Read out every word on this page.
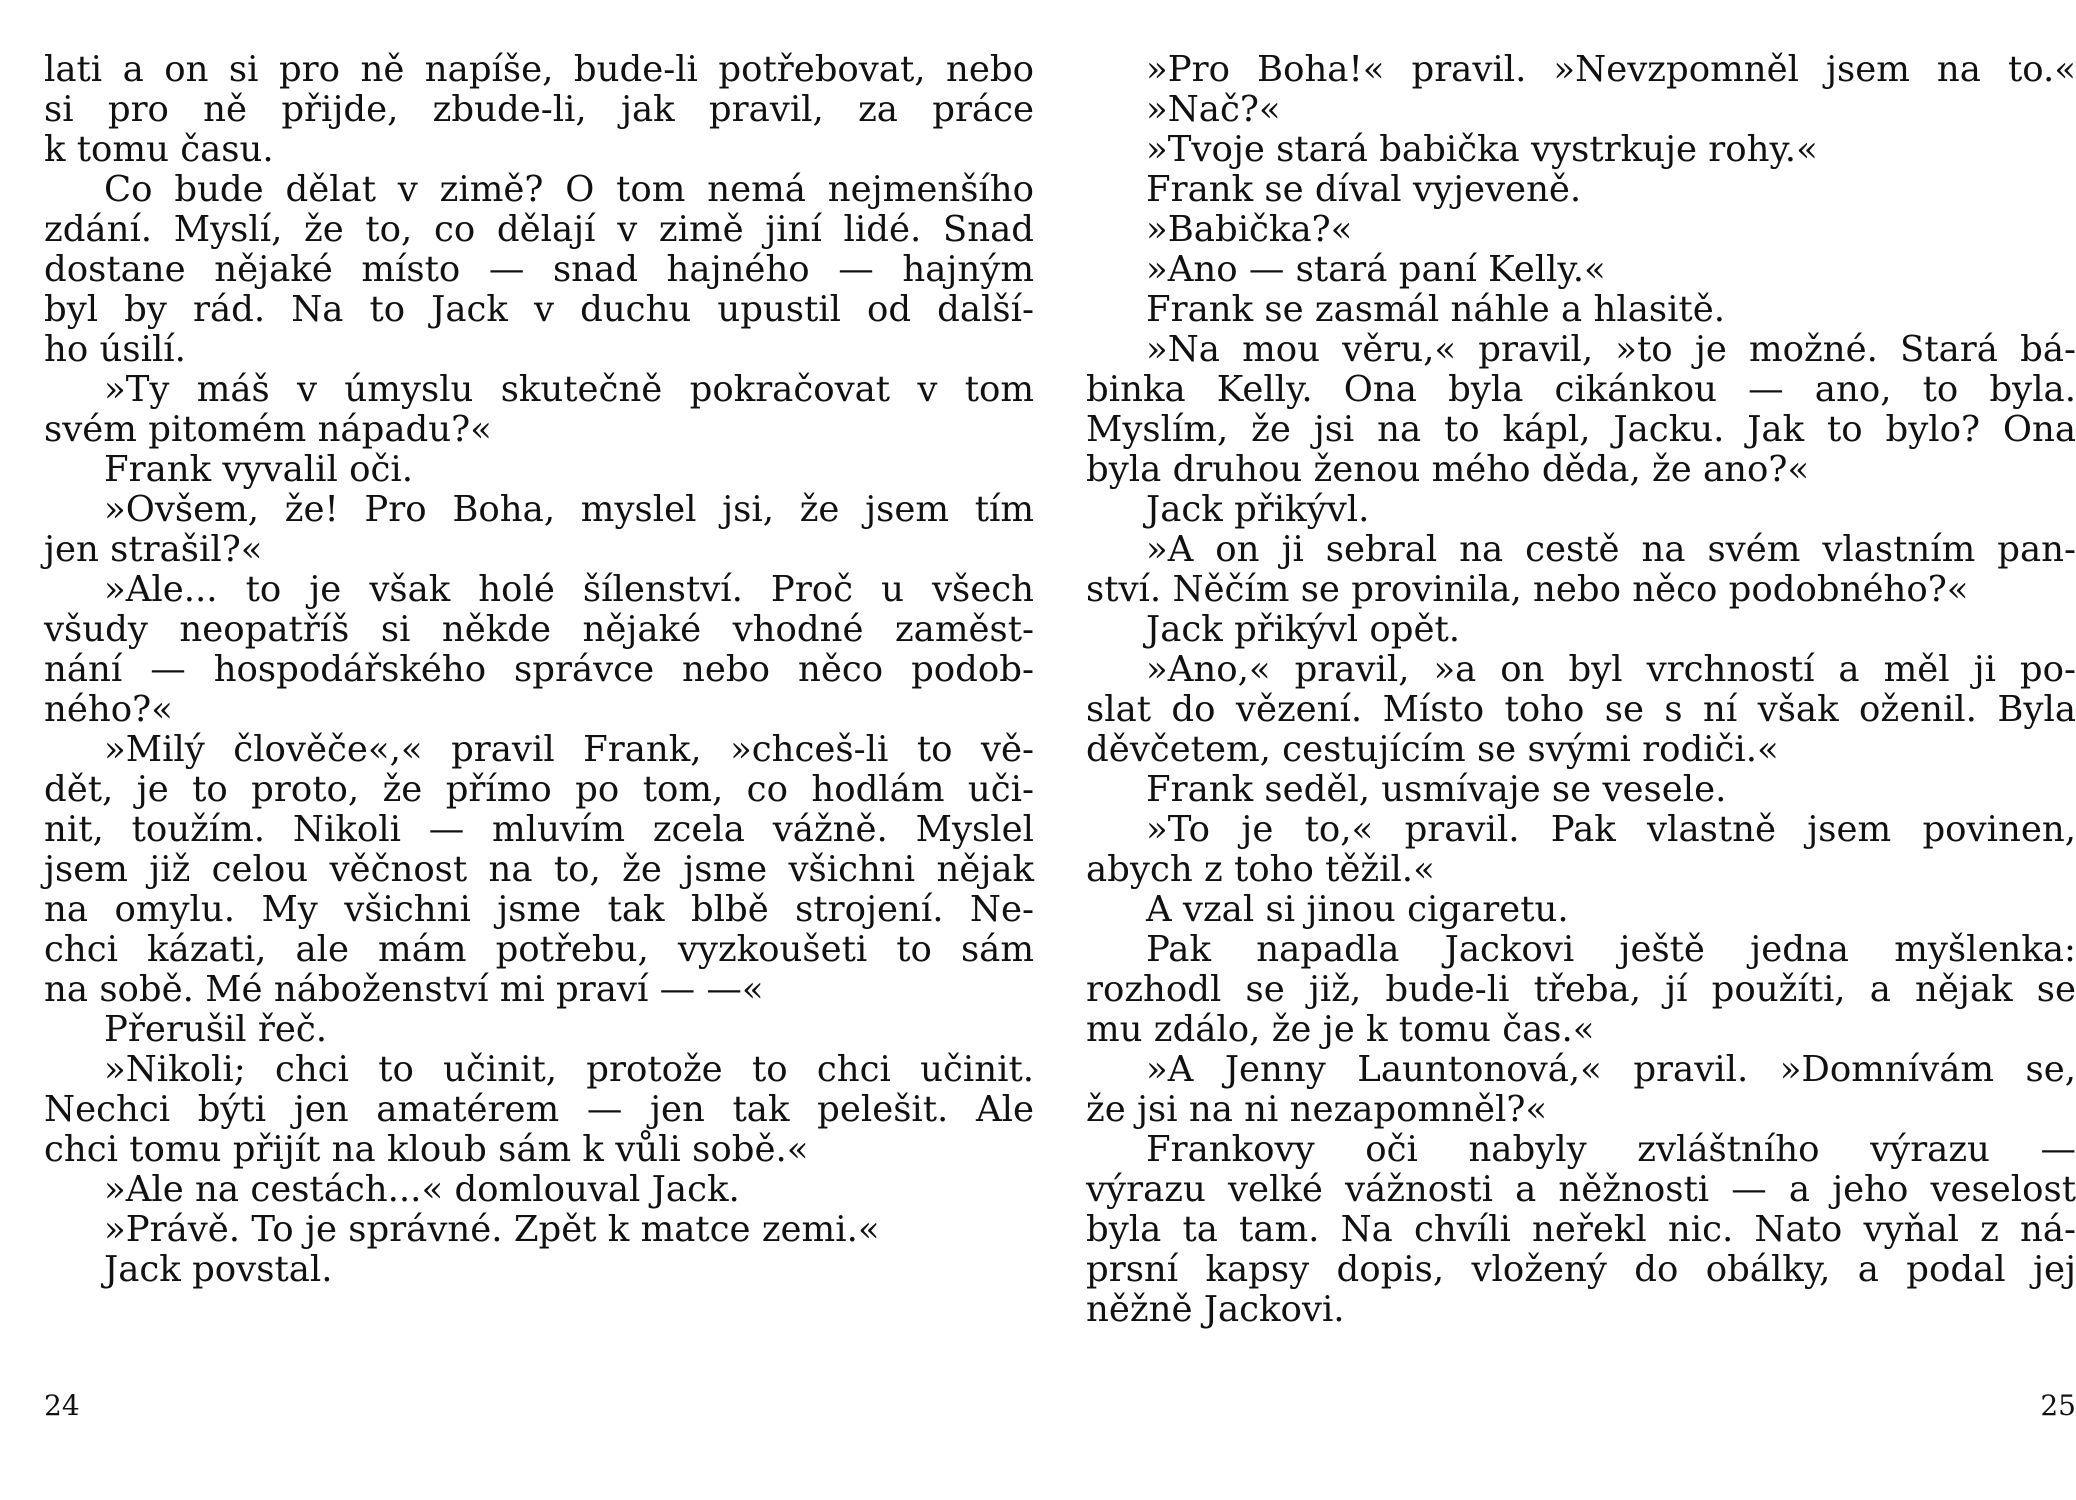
lati a on si pro ně napíše, bude-li potřebovat, nebo
si pro ně přijde, zbude-li, jak pravil, za práce
k tomu času.
Co bude dělat v zimě? O tom nemá nejmenšího
zdání. Myslí, že to, co dělají v zimě jiní lidé. Snad
dostane nějaké místo — snad hajného — hajným
byl by rád. Na to Jack v duchu upustil od další-
ho úsilí.
»Ty máš v úmyslu skutečně pokračovat v tom
svém pitomém nápadu?«
Frank vyvalil oči.
»Ovšem, že! Pro Boha, myslel jsi, že jsem tím
jen strašil?«
»Ale... to je však holé šílenství. Proč u všech
všudy neopatříš si někde nějaké vhodné zaměst-
nání — hospodářského správce nebo něco podob-
ného?«
»Milý člověče«,« pravil Frank, »chceš-li to vě-
dět, je to proto, že přímo po tom, co hodlám uči-
nit, toužím. Nikoli — mluvím zcela vážně. Myslel
jsem již celou věčnost na to, že jsme všichni nějak
na omylu. My všichni jsme tak blbě strojení. Ne-
chci kázati, ale mám potřebu, vyzkoušeti to sám
na sobě. Mé náboženství mi praví — —«
Přerušil řeč.
»Nikoli; chci to učinit, protože to chci učinit.
Nechci býti jen amatérem — jen tak pelešit. Ale
chci tomu přijít na kloub sám k vůli sobě.«
»Ale na cestách...« domlouval Jack.
»Právě. To je správné. Zpět k matce zemi.«
Jack povstal.
24
»Pro Boha!« pravil. »Nevzpomněl jsem na to.«
»Nač?«
»Tvoje stará babička vystrkuje rohy.«
Frank se díval vyjeveně.
»Babička?«
»Ano — stará paní Kelly.«
Frank se zasmál náhle a hlasitě.
»Na mou věru,« pravil, »to je možné. Stará bá-
binka Kelly. Ona byla cikánkou — ano, to byla.
Myslím, že jsi na to kápl, Jacku. Jak to bylo? Ona
byla druhou ženou mého děda, že ano?«
Jack přikývl.
»A on ji sebral na cestě na svém vlastním pan-
ství. Něčím se provinila, nebo něco podobného?«
Jack přikývl opět.
»Ano,« pravil, »a on byl vrchností a měl ji po-
slat do vězení. Místo toho se s ní však oženil. Byla
děvčetem, cestujícím se svými rodiči.«
Frank seděl, usmívaje se vesele.
»To je to,« pravil. Pak vlastně jsem povinen,
abych z toho těžil.«
A vzal si jinou cigaretu.
Pak napadla Jackovi ještě jedna myšlenka:
rozhodl se již, bude-li třeba, jí použíti, a nějak se
mu zdálo, že je k tomu čas.«
»A Jenny Launtonová,« pravil. »Domnívám se,
že jsi na ni nezapomněl?«
Frankovy oči nabyly zvláštního výrazu —
výrazu velké vážnosti a něžnosti — a jeho veselost
byla ta tam. Na chvíli neřekl nic. Nato vyňal z ná-
prsní kapsy dopis, vložený do obálky, a podal jej
něžně Jackovi.
25
